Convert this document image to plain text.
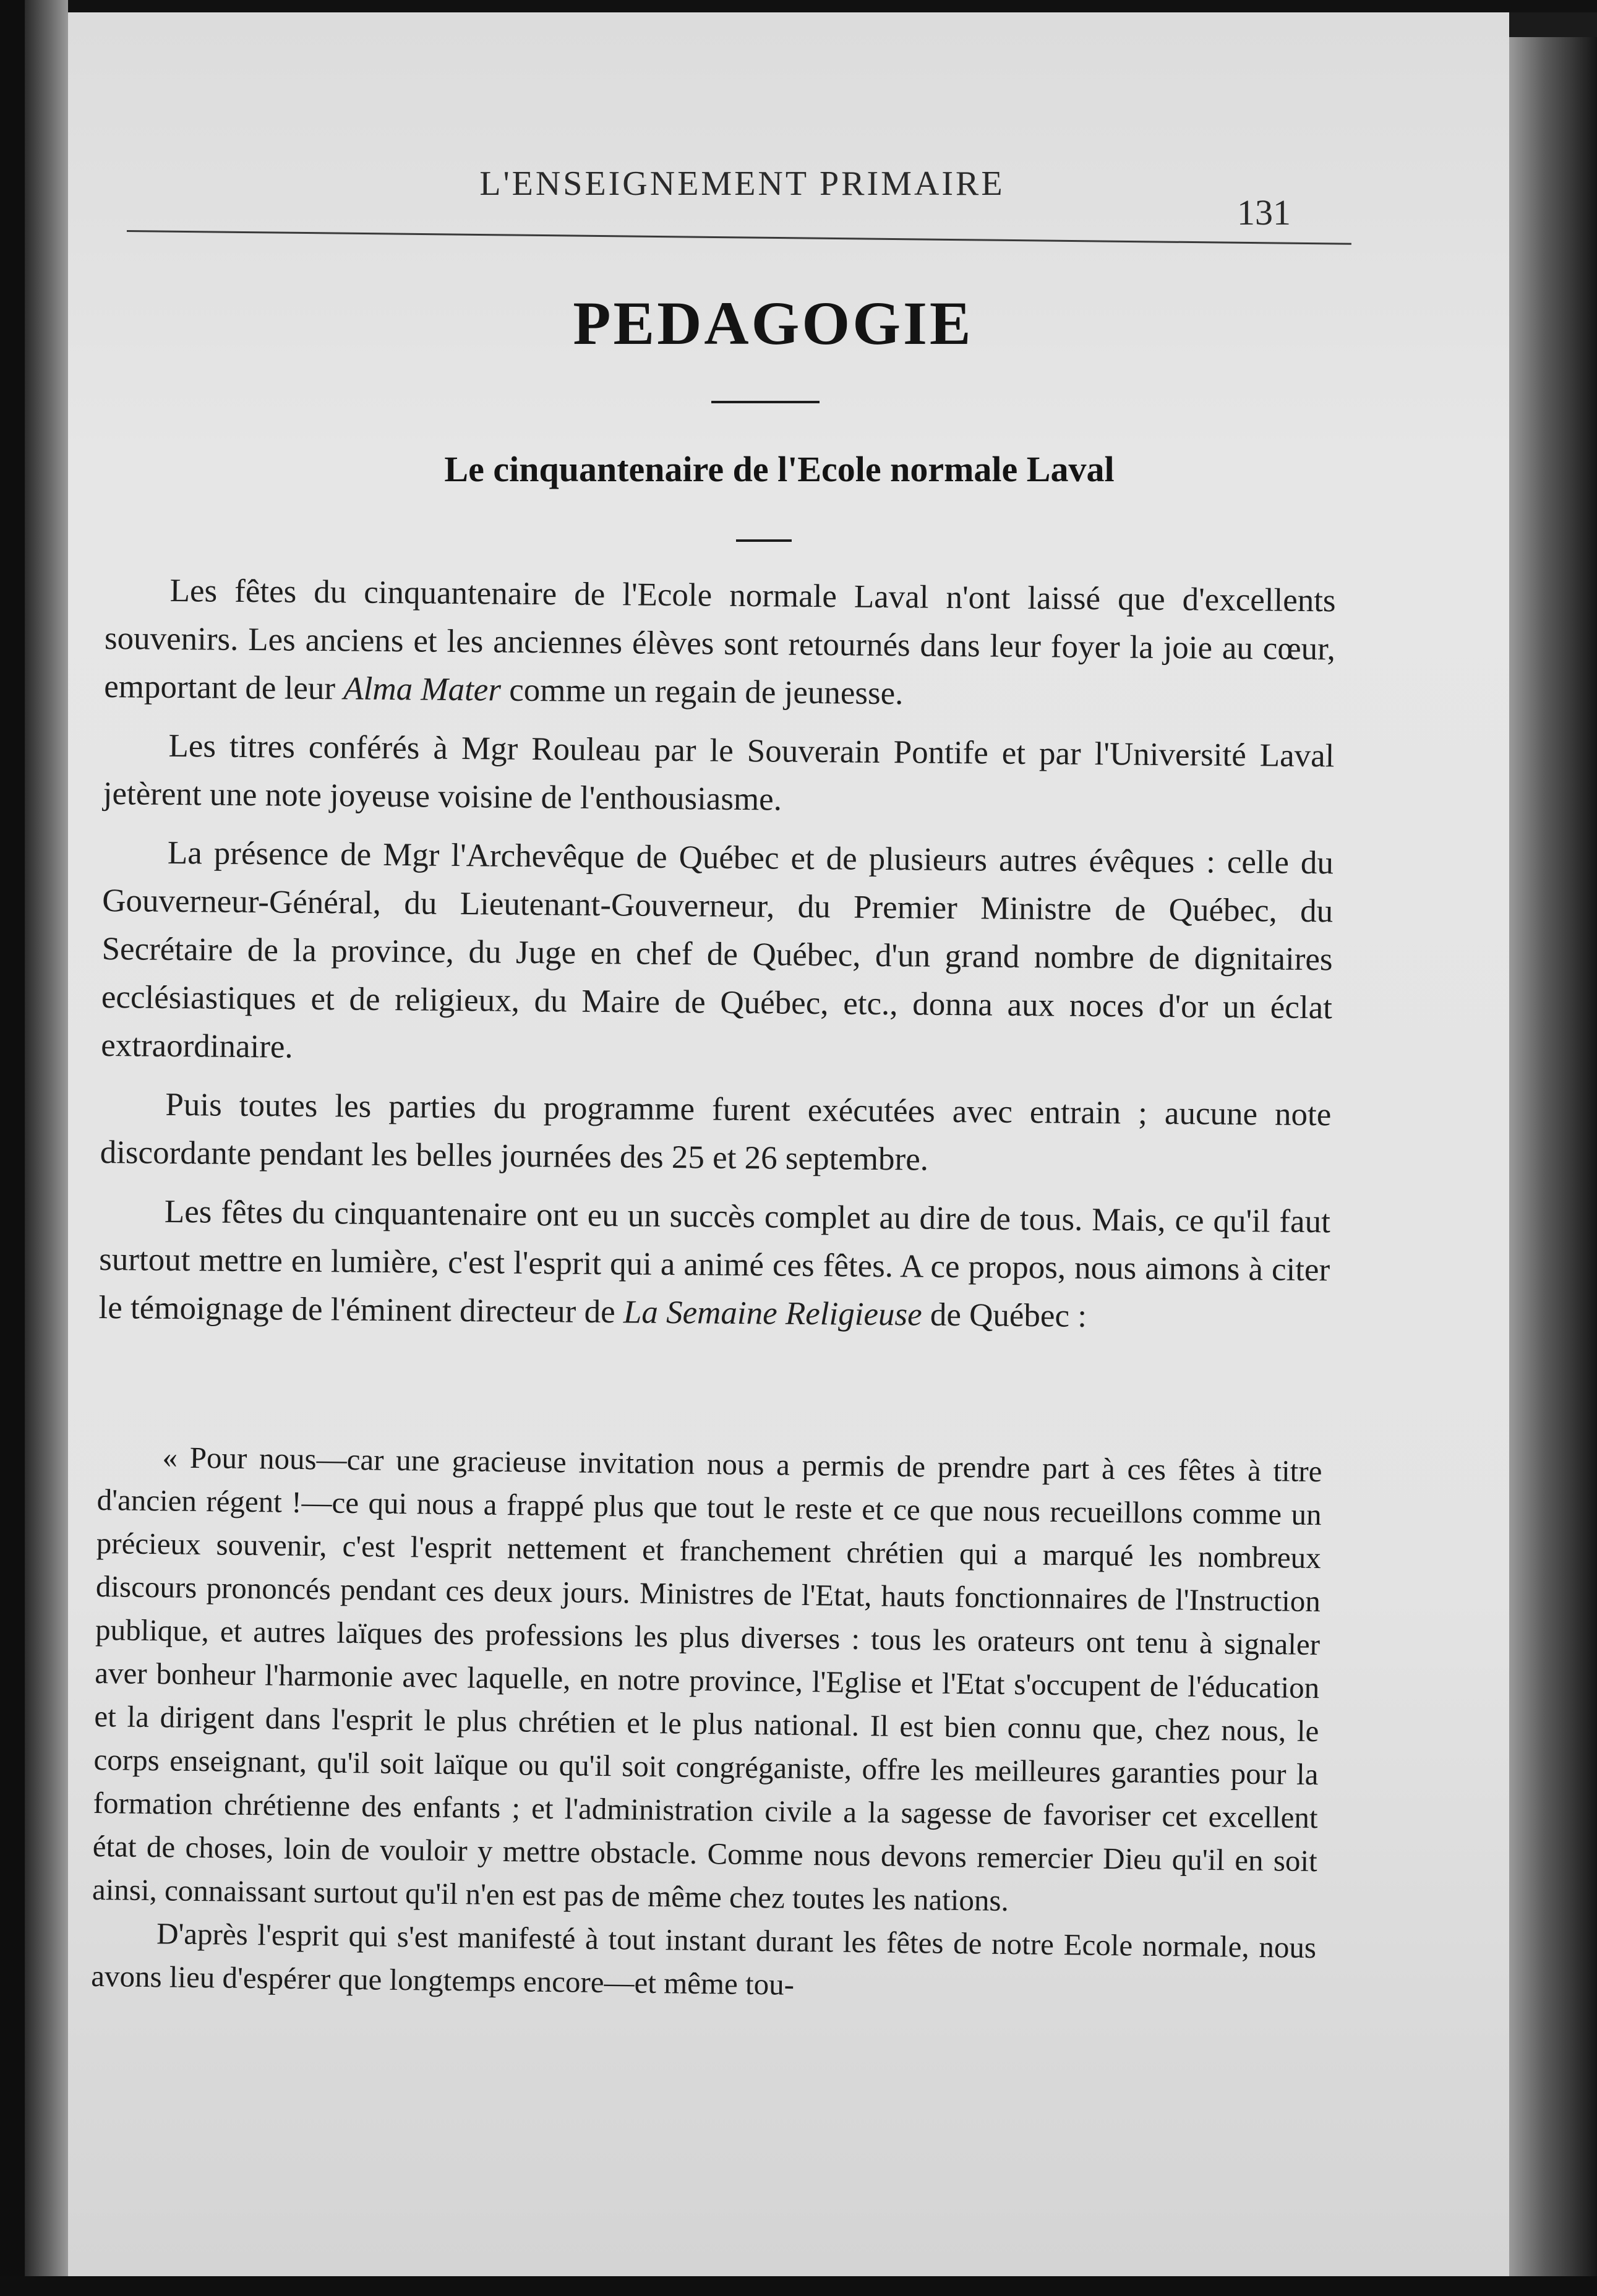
L'ENSEIGNEMENT PRIMAIRE
131
PEDAGOGIE
Le cinquantenaire de l'Ecole normale Laval

Les fêtes du cinquantenaire de l'Ecole normale Laval n'ont laissé que d'excellents souvenirs. Les anciens et les anciennes élèves sont retournés dans leur foyer la joie au cœur, emportant de leur Alma Mater comme un regain de jeunesse.

Les titres conférés à Mgr Rouleau par le Souverain Pontife et par l'Université Laval jetèrent une note joyeuse voisine de l'enthousiasme.

La présence de Mgr l'Archevêque de Québec et de plusieurs autres évêques : celle du Gouverneur-Général, du Lieutenant-Gouverneur, du Premier Ministre de Québec, du Secrétaire de la province, du Juge en chef de Québec, d'un grand nombre de dignitaires ecclésiastiques et de religieux, du Maire de Québec, etc., donna aux noces d'or un éclat extraordinaire.

Puis toutes les parties du programme furent exécutées avec entrain ; aucune note discordante pendant les belles journées des 25 et 26 septembre.

Les fêtes du cinquantenaire ont eu un succès complet au dire de tous. Mais, ce qu'il faut surtout mettre en lumière, c'est l'esprit qui a animé ces fêtes. A ce propos, nous aimons à citer le témoignage de l'éminent directeur de La Semaine Religieuse de Québec :

« Pour nous—car une gracieuse invitation nous a permis de prendre part à ces fêtes à titre d'ancien régent !—ce qui nous a frappé plus que tout le reste et ce que nous recueillons comme un précieux souvenir, c'est l'esprit nettement et franchement chrétien qui a marqué les nombreux discours prononcés pendant ces deux jours. Ministres de l'Etat, hauts fonctionnaires de l'Instruction publique, et autres laïques des professions les plus diverses : tous les orateurs ont tenu à signaler aver bonheur l'harmonie avec laquelle, en notre province, l'Eglise et l'Etat s'occupent de l'éducation et la dirigent dans l'esprit le plus chrétien et le plus national. Il est bien connu que, chez nous, le corps enseignant, qu'il soit laïque ou qu'il soit congréganiste, offre les meilleures garanties pour la formation chrétienne des enfants ; et l'administration civile a la sagesse de favoriser cet excellent état de choses, loin de vouloir y mettre obstacle. Comme nous devons remercier Dieu qu'il en soit ainsi, connaissant surtout qu'il n'en est pas de même chez toutes les nations.

D'après l'esprit qui s'est manifesté à tout instant durant les fêtes de notre Ecole normale, nous avons lieu d'espérer que longtemps encore—et même tou-
